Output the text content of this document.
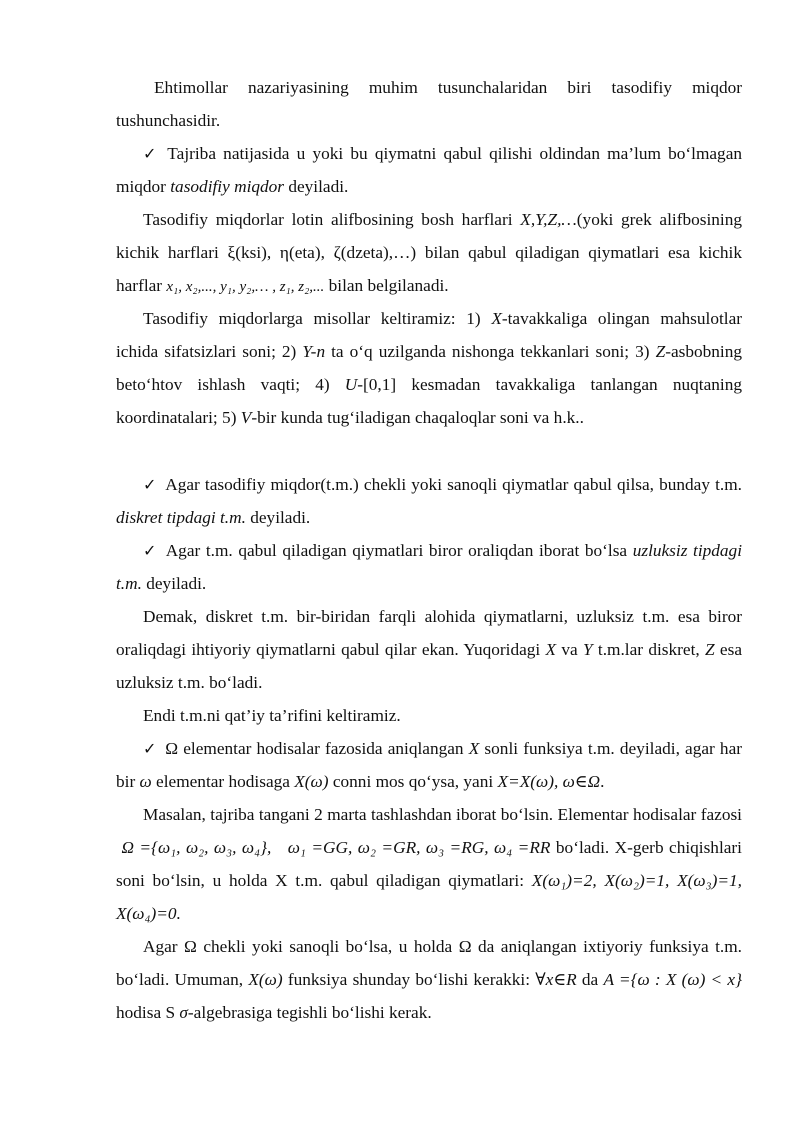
Ehtimollar nazariyasining muhim tusunchalaridan biri tasodifiy miqdor tushunchasidir.

✓ Tajriba natijasida u yoki bu qiymatni qabul qilishi oldindan ma’lum bo‘lmagan miqdor tasodifiy miqdor deyiladi.

Tasodifiy miqdorlar lotin alifbosining bosh harflari X,Y,Z,…(yoki grek alifbosining kichik harflari ξ(ksi), η(eta), ζ(dzeta),…) bilan qabul qiladigan qiymatlari esa kichik harflar x₁, x₂,..., y₁, y₂,… , z₁, z₂,... bilan belgilanadi.

Tasodifiy miqdorlarga misollar keltiramiz: 1) X-tavakkaliga olingan mahsulotlar ichida sifatsizlari soni; 2) Y-n ta o‘q uzilganda nishonga tekkanlari soni; 3) Z-asbobning beto‘htov ishlash vaqti; 4) U-[0,1] kesmadan tavakkaliga tanlangan nuqtaning koordinatalari; 5) V-bir kunda tug‘iladigan chaqaloqlar soni va h.k..

✓ Agar tasodifiy miqdor(t.m.) chekli yoki sanoqli qiymatlar qabul qilsa, bunday t.m. diskret tipdagi t.m. deyiladi.

✓ Agar t.m. qabul qiladigan qiymatlari biror oraliqdan iborat bo‘lsa uzluksiz tipdagi t.m. deyiladi.

Demak, diskret t.m. bir-biridan farqli alohida qiymatlarni, uzluksiz t.m. esa biror oraliqdagi ihtiyoriy qiymatlarni qabul qilar ekan. Yuqoridagi X va Y t.m.lar diskret, Z esa uzluksiz t.m. bo‘ladi.

Endi t.m.ni qat’iy ta’rifini keltiramiz.

✓ Ω elementar hodisalar fazosida aniqlangan X sonli funksiya t.m. deyiladi, agar har bir ω elementar hodisaga X(ω) conni mos qo‘ysa, yani X=X(ω), ω∈Ω.

Masalan, tajriba tangani 2 marta tashlashdan iborat bo‘lsin. Elementar hodisalar fazosi  Ω ={ω₁, ω₂, ω₃, ω₄}, ω₁ =GG, ω₂ =GR, ω₃ =RG, ω₄ =RR bo‘ladi. X-gerb chiqishlari soni bo‘lsin, u holda X t.m. qabul qiladigan qiymatlari: X(ω₁)=2, X(ω₂)=1, X(ω₃)=1, X(ω₄)=0.

Agar Ω chekli yoki sanoqli bo‘lsa, u holda Ω da aniqlangan ixtiyoriy funksiya t.m. bo‘ladi. Umuman, X(ω) funksiya shunday bo‘lishi kerakki: ∀x∈R da A ={ω : X (ω) < x} hodisa S σ-algebrasiga tegishli bo‘lishi kerak.
